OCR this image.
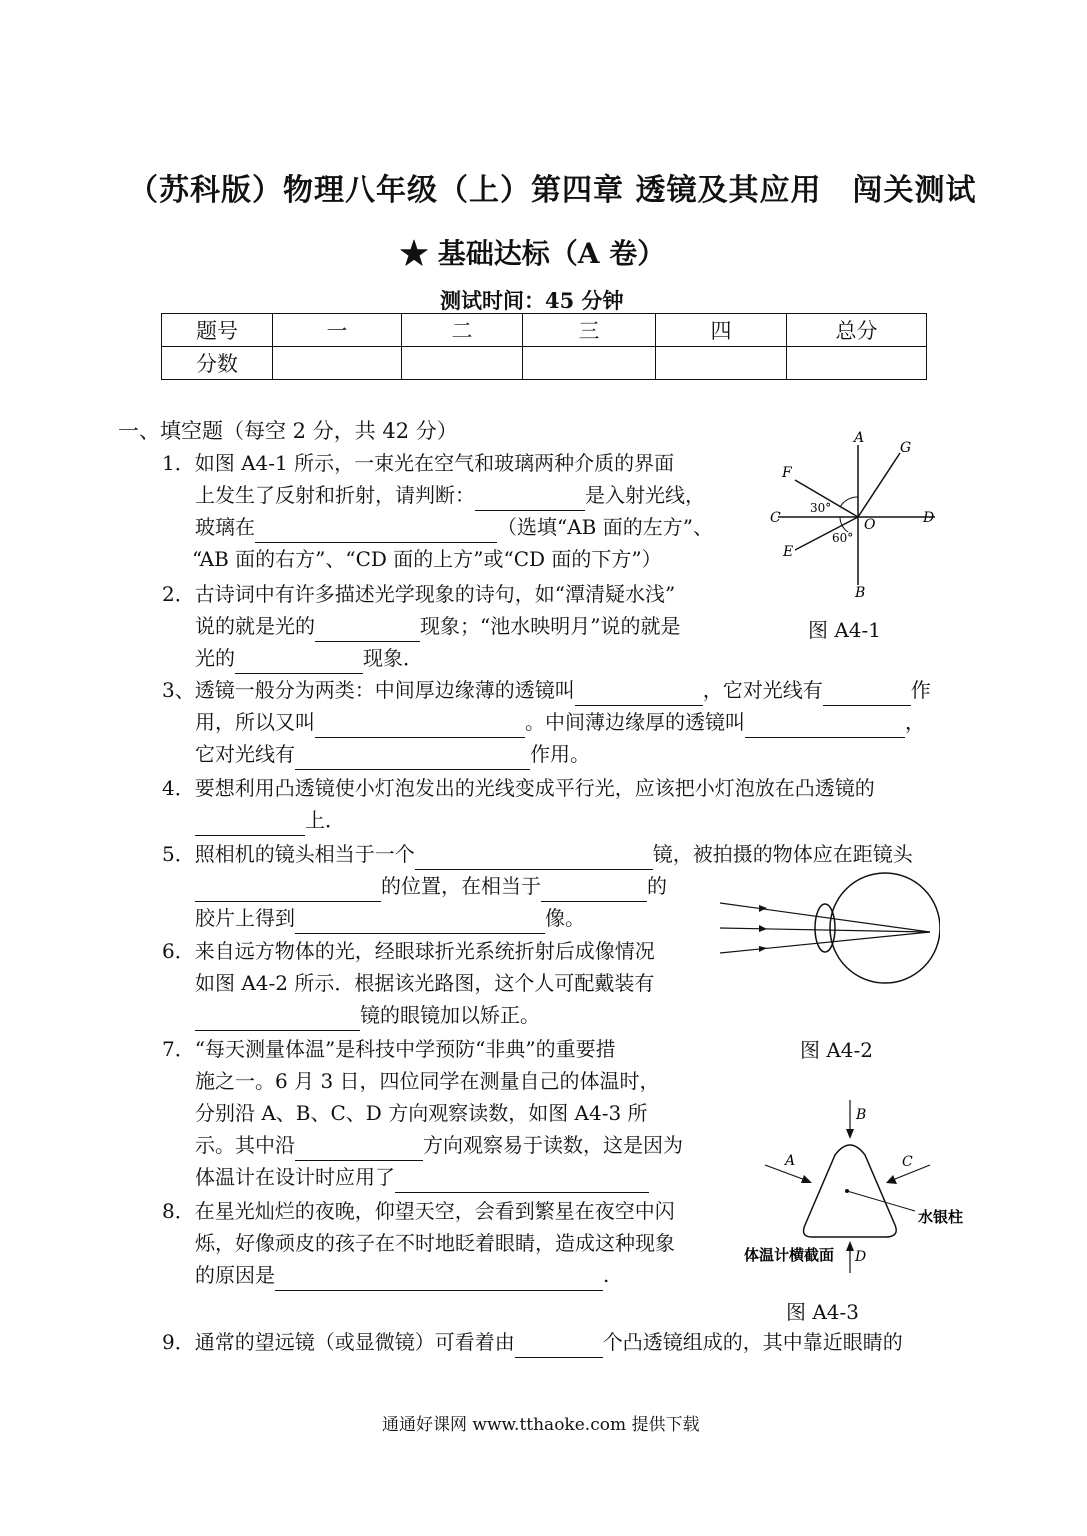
（苏科版）物理八年级（上）第四章 透镜及其应用　闯关测试
★ 基础达标（A 卷）
测试时间：45 分钟
题号	一	二	三	四	总分
分数					
一、填空题（每空 2 分，共 42 分）
1．如图 A4-1 所示，一束光在空气和玻璃两种介质的界面
上发生了反射和折射，请判断：	是入射光线，
玻璃在	（选填“AB 面的左方”、
“AB 面的右方”、“CD 面的上方”或“CD 面的下方”）
2．古诗词中有许多描述光学现象的诗句，如“潭清疑水浅”
说的就是光的	现象；“池水映明月”说的就是
光的	现象．
3、透镜一般分为两类：中间厚边缘薄的透镜叫	，它对光线有	作
用，所以又叫	。中间薄边缘厚的透镜叫	，
它对光线有	作用。
4．要想利用凸透镜使小灯泡发出的光线变成平行光，应该把小灯泡放在凸透镜的
上．
5．照相机的镜头相当于一个	镜，被拍摄的物体应在距镜头
的位置，在相当于	的
胶片上得到	像。
6．来自远方物体的光，经眼球折光系统折射后成像情况
如图 A4-2 所示．根据该光路图，这个人可配戴装有
镜的眼镜加以矫正。
7．“每天测量体温”是科技中学预防“非典”的重要措
施之一。6 月 3 日，四位同学在测量自己的体温时，
分别沿 A、B、C、D 方向观察读数，如图 A4-3 所
示。其中沿	方向观察易于读数，这是因为
体温计在设计时应用了
8．在星光灿烂的夜晚，仰望天空，会看到繁星在夜空中闪
烁，好像顽皮的孩子在不时地眨着眼睛，造成这种现象
的原因是	.
9．通常的望远镜（或显微镜）可看着由	个凸透镜组成的，其中靠近眼睛的
A
B
C	D
E
F
G
O
30°
60°
图 A4-1
图 A4-2
B
A	C
D
水银柱
体温计横截面
图 A4-3
通通好课网 www.tthaoke.com 提供下载
